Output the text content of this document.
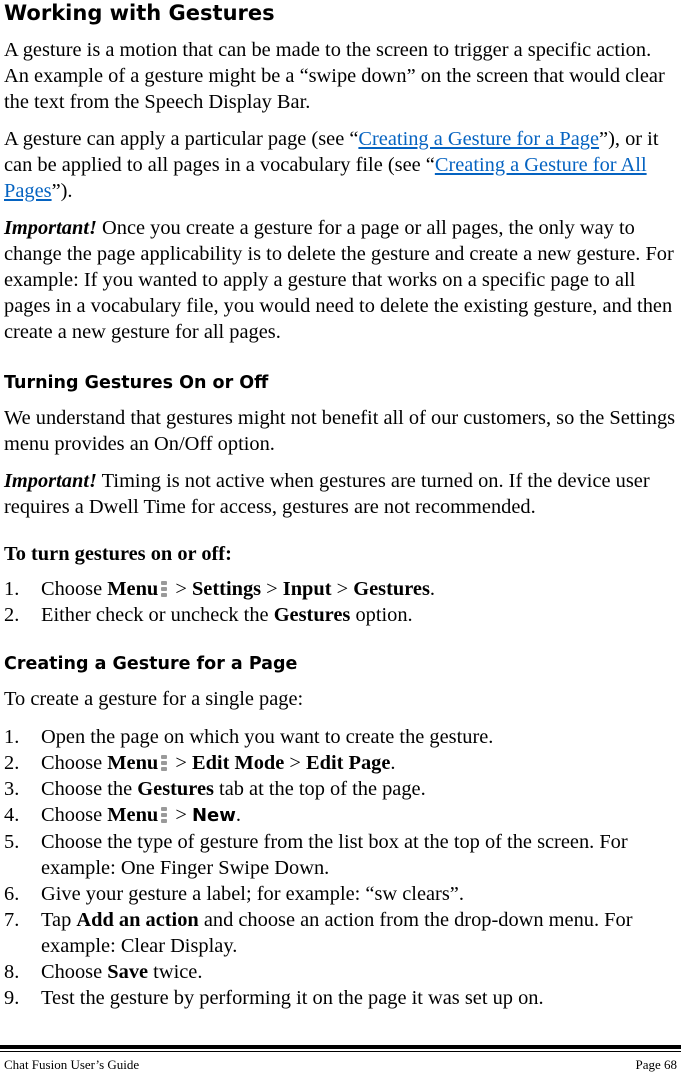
Working with Gestures

A gesture is a motion that can be made to the screen to trigger a specific action. An example of a gesture might be a “swipe down” on the screen that would clear the text from the Speech Display Bar.

A gesture can apply a particular page (see “Creating a Gesture for a Page”), or it can be applied to all pages in a vocabulary file (see “Creating a Gesture for All Pages”).

Important! Once you create a gesture for a page or all pages, the only way to change the page applicability is to delete the gesture and create a new gesture. For example: If you wanted to apply a gesture that works on a specific page to all pages in a vocabulary file, you would need to delete the existing gesture, and then create a new gesture for all pages.

Turning Gestures On or Off

We understand that gestures might not benefit all of our customers, so the Settings menu provides an On/Off option.

Important! Timing is not active when gestures are turned on. If the device user requires a Dwell Time for access, gestures are not recommended.

To turn gestures on or off:

1. Choose Menu > Settings > Input > Gestures.
2. Either check or uncheck the Gestures option.
Creating a Gesture for a Page

To create a gesture for a single page:

1. Open the page on which you want to create the gesture.
2. Choose Menu > Edit Mode > Edit Page.
3. Choose the Gestures tab at the top of the page.
4. Choose Menu > New.
5. Choose the type of gesture from the list box at the top of the screen. For example: One Finger Swipe Down.
6. Give your gesture a label; for example: “sw clears”.
7. Tap Add an action and choose an action from the drop-down menu. For example: Clear Display.
8. Choose Save twice.
9. Test the gesture by performing it on the page it was set up on.
Chat Fusion User’s Guide	Page 68
